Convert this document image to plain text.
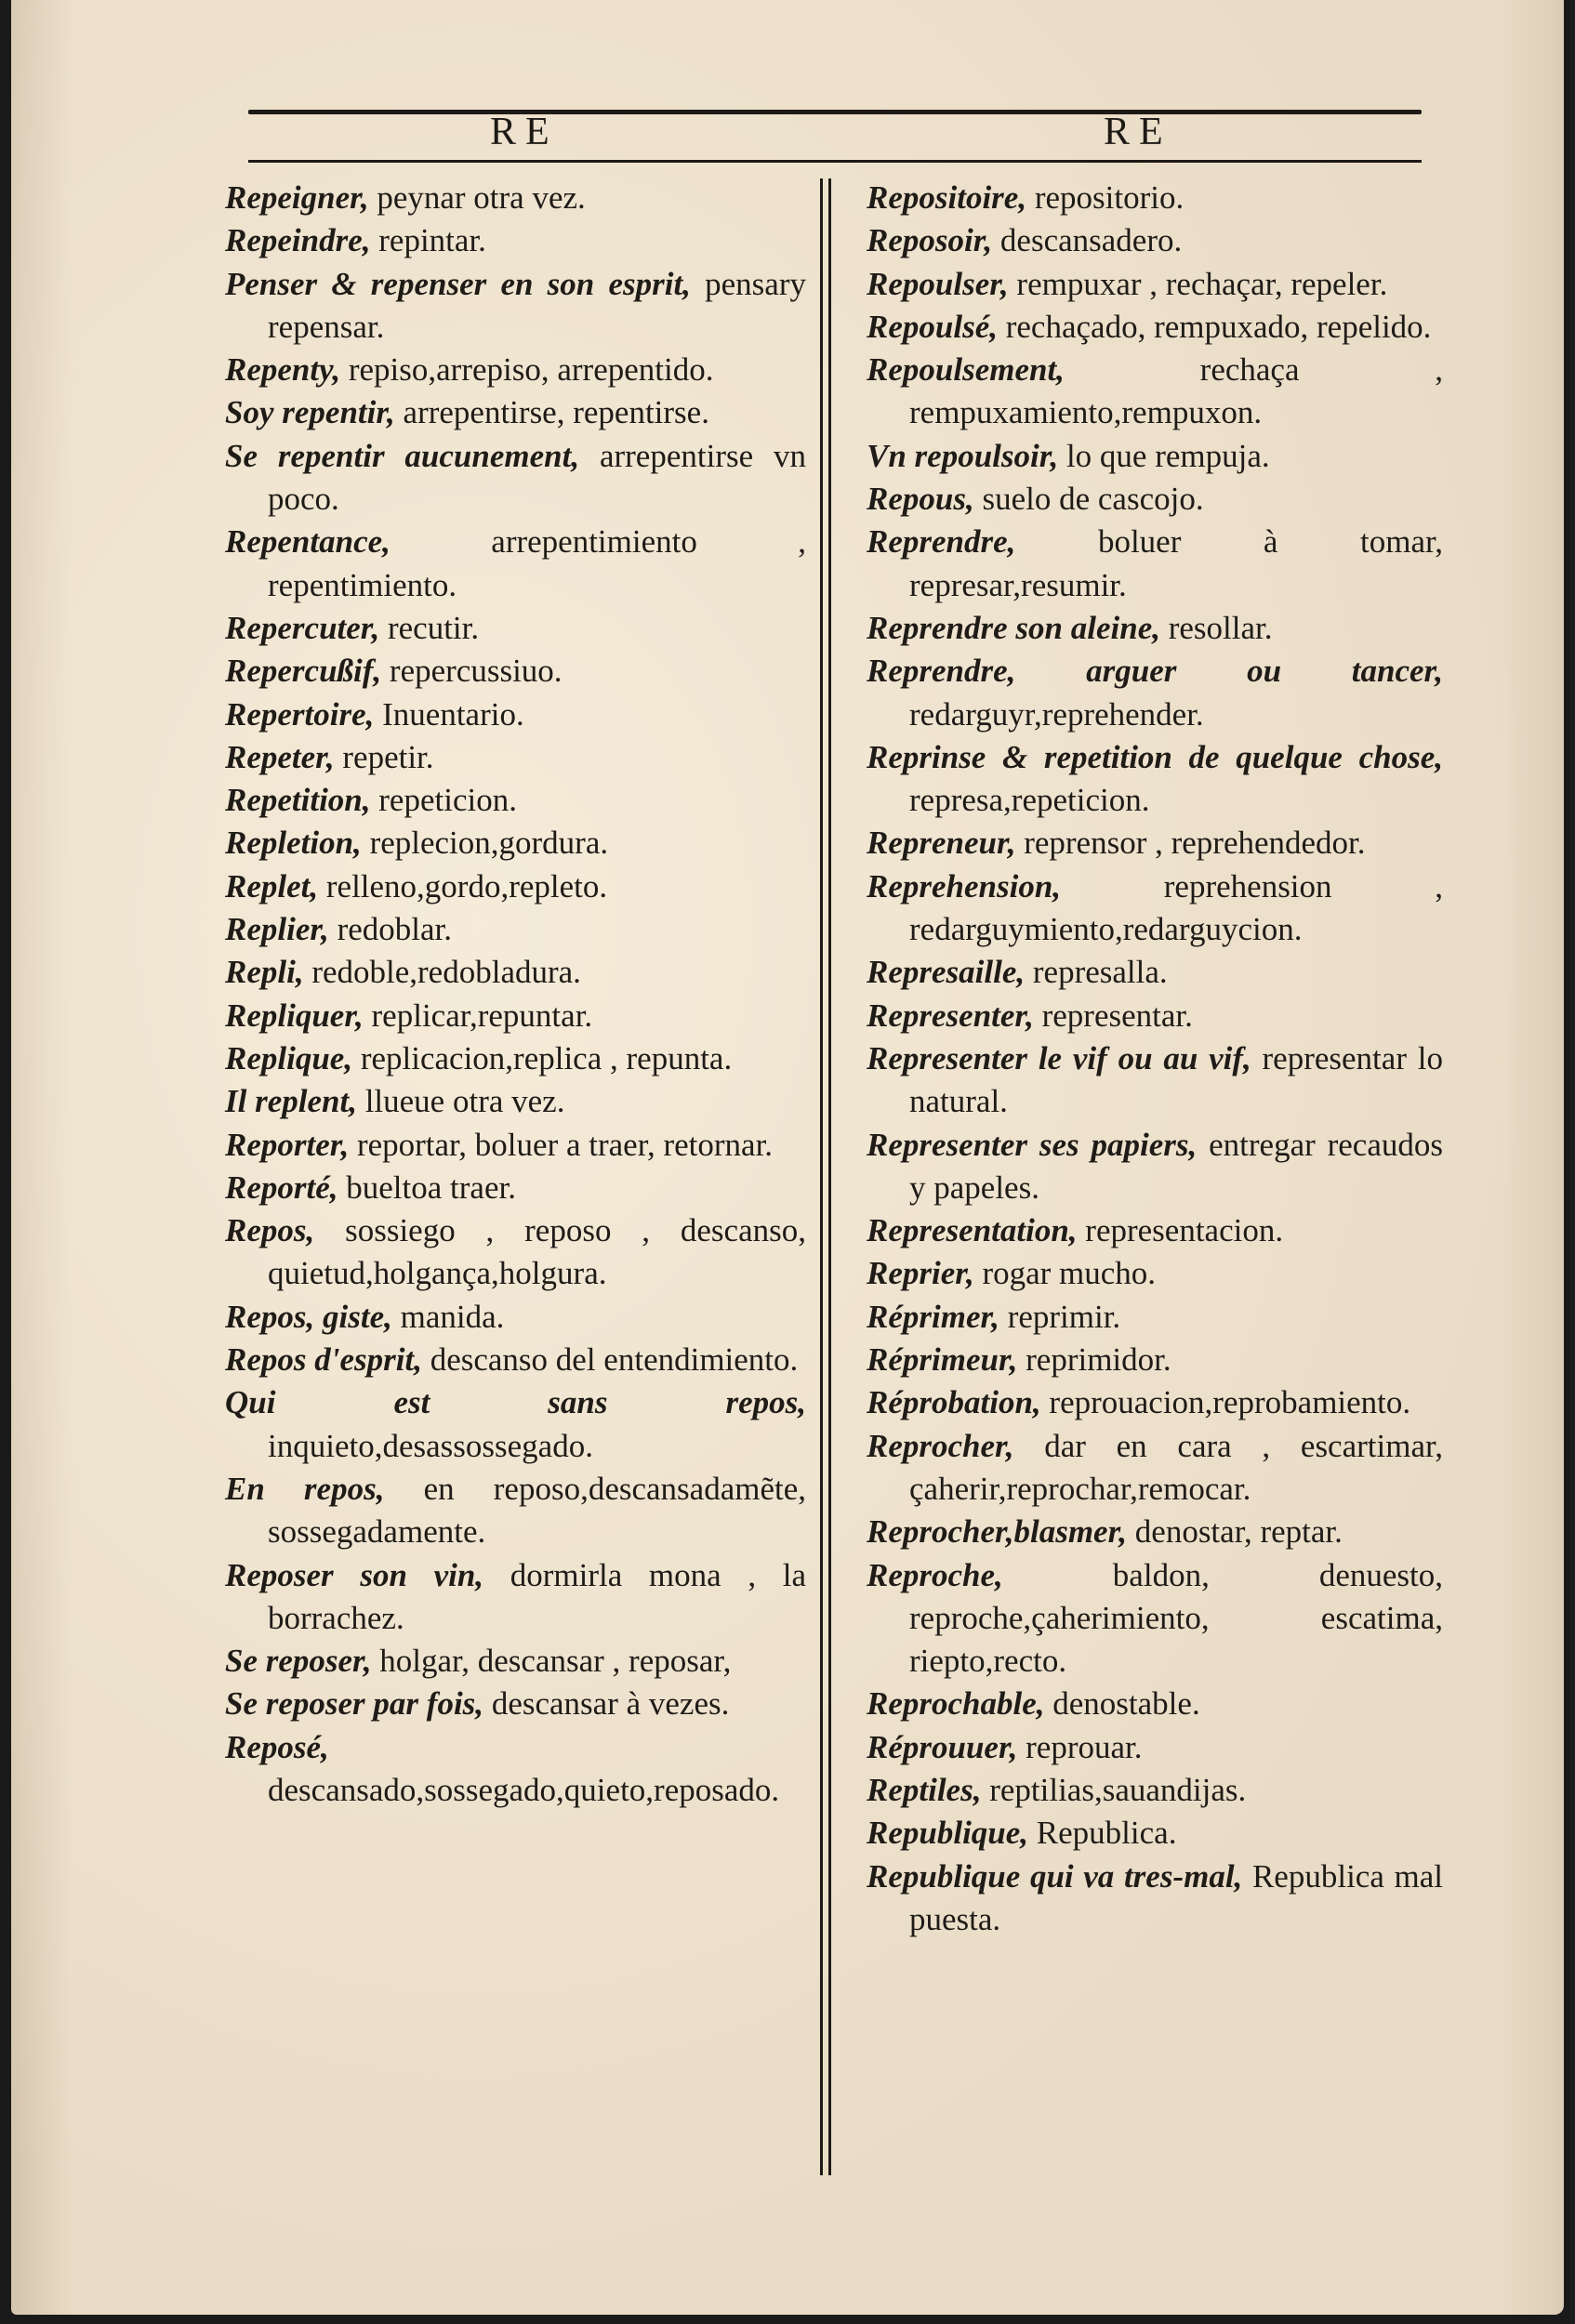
RE	RE
Repeigner, peynar otra vez.
Repeindre, repintar.
Penser & repenser en son esprit, pensary repensar.
Repenty, repiso,arrepiso, arrepentido.
Soy repentir, arrepentirse, repentirse.
Se repentir aucunement, arrepentirse vn poco.
Repentance, arrepentimiento , repentimiento.
Repercuter, recutir.
Repercußif, repercussiuo.
Repertoire, Inuentario.
Repeter, repetir.
Repetition, repeticion.
Repletion, replecion,gordura.
Replet, relleno,gordo,repleto.
Replier, redoblar.
Repli, redoble,redobladura.
Repliquer, replicar,repuntar.
Replique, replicacion,replica , repunta.
Il replent, llueue otra vez.
Reporter, reportar, boluer a traer, retornar.
Reporté, bueltoa traer.
Repos, sossiego , reposo , descanso, quietud,holgança,holgura.
Repos, giste, manida.
Repos d'esprit, descanso del entendimiento.
Qui est sans repos, inquieto,desassossegado.
En repos, en reposo,descansadamẽte, sossegadamente.
Reposer son vin, dormirla mona , la borrachez.
Se reposer, holgar, descansar , reposar,
Se reposer par fois, descansar à vezes.
Reposé, descansado,sossegado,quieto,reposado.
Repositoire, repositorio.
Reposoir, descansadero.
Repoulser, rempuxar , rechaçar, repeler.
Repoulsé, rechaçado, rempuxado, repelido.
Repoulsement, rechaça , rempuxamiento,rempuxon.
Vn repoulsoir, lo que rempuja.
Repous, suelo de cascojo.
Reprendre, boluer à tomar, represar,resumir.
Reprendre son aleine, resollar.
Reprendre, arguer ou tancer, redarguyr,reprehender.
Reprinse & repetition de quelque chose, represa,repeticion.
Repreneur, reprensor , reprehendedor.
Reprehension, reprehension , redarguymiento,redarguycion.
Represaille, represalla.
Representer, representar.
Representer le vif ou au vif, representar lo natural.
Representer ses papiers, entregar recaudos y papeles.
Representation, representacion.
Reprier, rogar mucho.
Réprimer, reprimir.
Réprimeur, reprimidor.
Réprobation, reprouacion,reprobamiento.
Reprocher, dar en cara , escartimar, çaherir,reprochar,remocar.
Reprocher,blasmer, denostar, reptar.
Reproche, baldon, denuesto, reproche,çaherimiento, escatima, riepto,recto.
Reprochable, denostable.
Réprouuer, reprouar.
Reptiles, reptilias,sauandijas.
Republique, Republica.
Republique qui va tres-mal, Republica mal puesta.
